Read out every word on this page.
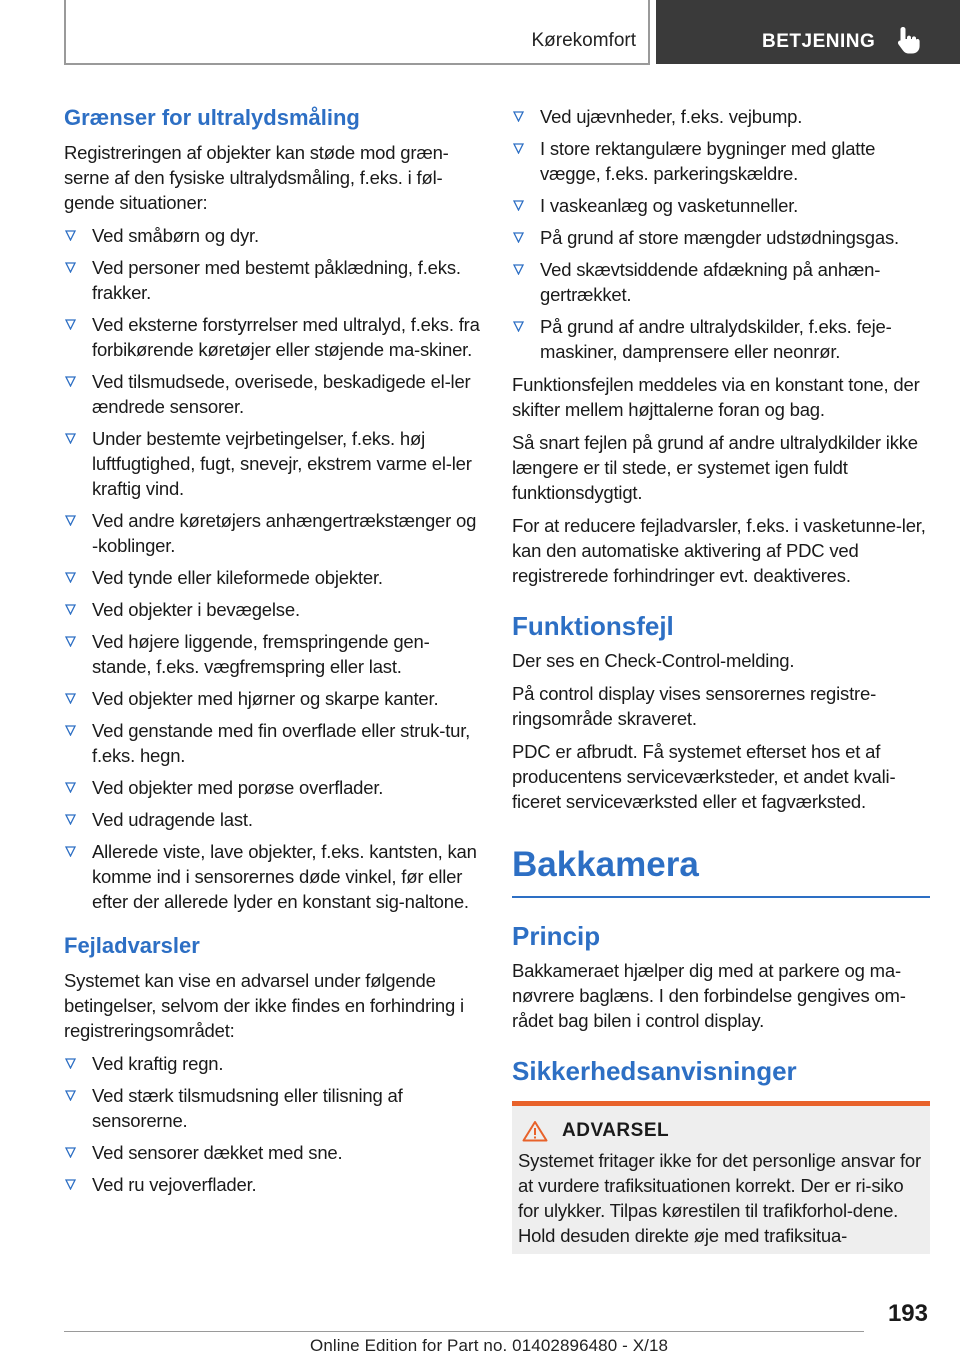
Kørekomfort	BETJENING
Grænser for ultralydsmåling

Registreringen af objekter kan støde mod græn-serne af den fysiske ultralydsmåling, f.eks. i føl-gende situationer:

Ved småbørn og dyr.
Ved personer med bestemt påklædning, f.eks. frakker.
Ved eksterne forstyrrelser med ultralyd, f.eks. fra forbikørende køretøjer eller støjende ma-skiner.
Ved tilsmudsede, overisede, beskadigede el-ler ændrede sensorer.
Under bestemte vejrbetingelser, f.eks. høj luftfugtighed, fugt, snevejr, ekstrem varme el-ler kraftig vind.
Ved andre køretøjers anhængertrækstænger og -koblinger.
Ved tynde eller kileformede objekter.
Ved objekter i bevægelse.
Ved højere liggende, fremspringende gen-stande, f.eks. vægfremspring eller last.
Ved objekter med hjørner og skarpe kanter.
Ved genstande med fin overflade eller struk-tur, f.eks. hegn.
Ved objekter med porøse overflader.
Ved udragende last.
Allerede viste, lave objekter, f.eks. kantsten, kan komme ind i sensorernes døde vinkel, før eller efter der allerede lyder en konstant sig-naltone.
Fejladvarsler

Systemet kan vise en advarsel under følgende betingelser, selvom der ikke findes en forhindring i registreringsområdet:

Ved kraftig regn.
Ved stærk tilsmudsning eller tilisning af sensorerne.
Ved sensorer dækket med sne.
Ved ru vejoverflader.
Ved ujævnheder, f.eks. vejbump.
I store rektangulære bygninger med glatte vægge, f.eks. parkeringskældre.
I vaskeanlæg og vasketunneller.
På grund af store mængder udstødningsgas.
Ved skævtsiddende afdækning på anhæn-gertrækket.
På grund af andre ultralydskilder, f.eks. feje-maskiner, damprensere eller neonrør.

Funktionsfejlen meddeles via en konstant tone, der skifter mellem højttalerne foran og bag.

Så snart fejlen på grund af andre ultralydkilder ikke længere er til stede, er systemet igen fuldt funktionsdygtigt.

For at reducere fejladvarsler, f.eks. i vasketunne-ler, kan den automatiske aktivering af PDC ved registrerede forhindringer evt. deaktiveres.

Funktionsfejl

Der ses en Check-Control-melding.

På control display vises sensorernes registre-ringsområde skraveret.

PDC er afbrudt. Få systemet efterset hos et af producentens serviceværksteder, et andet kvali-ficeret serviceværksted eller et fagværksted.

Bakkamera
Princip

Bakkameraet hjælper dig med at parkere og ma-nøvrere baglæns. I den forbindelse gengives om-rådet bag bilen i control display.

Sikkerhedsanvisninger
ADVARSEL

Systemet fritager ikke for det personlige ansvar for at vurdere trafiksituationen korrekt. Der er ri-siko for ulykker. Tilpas kørestilen til trafikforhol-dene. Hold desuden direkte øje med trafiksitua-

193
Online Edition for Part no. 01402896480 - X/18
